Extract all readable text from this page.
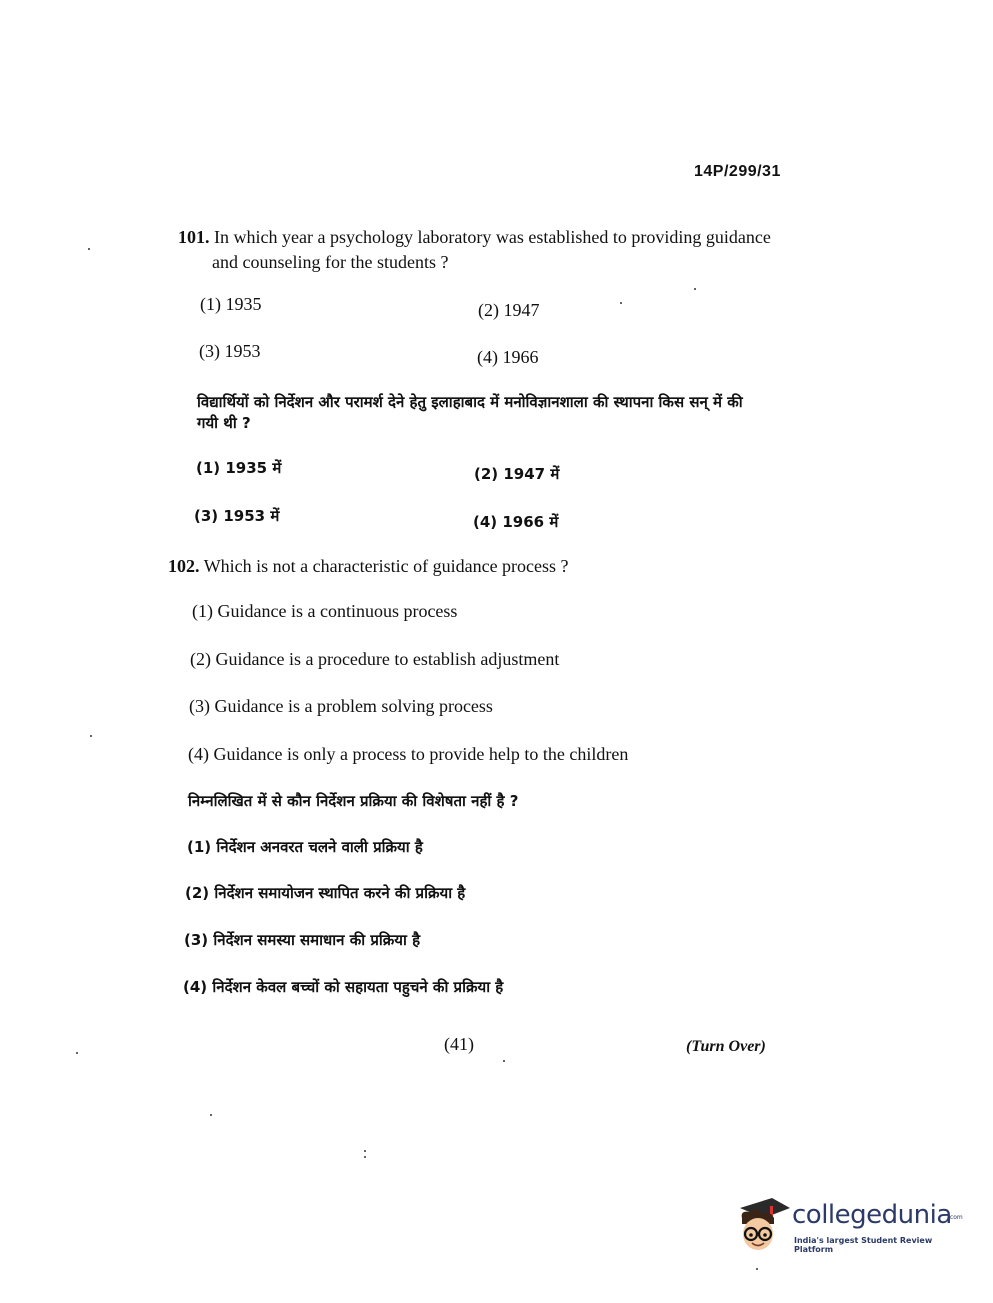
14P/299/31
101. In which year a psychology laboratory was established to providing guidance
and counseling for the students ?
(1) 1935	(2) 1947
(3) 1953	(4) 1966
विद्यार्थियों को निर्देशन और परामर्श देने हेतु इलाहाबाद में मनोविज्ञानशाला की स्थापना किस सन् में की
गयी थी ?
(1) 1935 में	(2) 1947 में
(3) 1953 में	(4) 1966 में
102. Which is not a characteristic of guidance process ?
(1) Guidance is a continuous process
(2) Guidance is a procedure to establish adjustment
(3) Guidance is a problem solving process
(4) Guidance is only a process to provide help to the children
निम्नलिखित में से कौन निर्देशन प्रक्रिया की विशेषता नहीं है ?
(1) निर्देशन अनवरत चलने वाली प्रक्रिया है
(2) निर्देशन समायोजन स्थापित करने की प्रक्रिया है
(3) निर्देशन समस्या समाधान की प्रक्रिया है
(4) निर्देशन केवल बच्चों को सहायता पहुचने की प्रक्रिया है
(41)	(Turn Over)
collegedunia
.com
India's largest Student Review Platform
